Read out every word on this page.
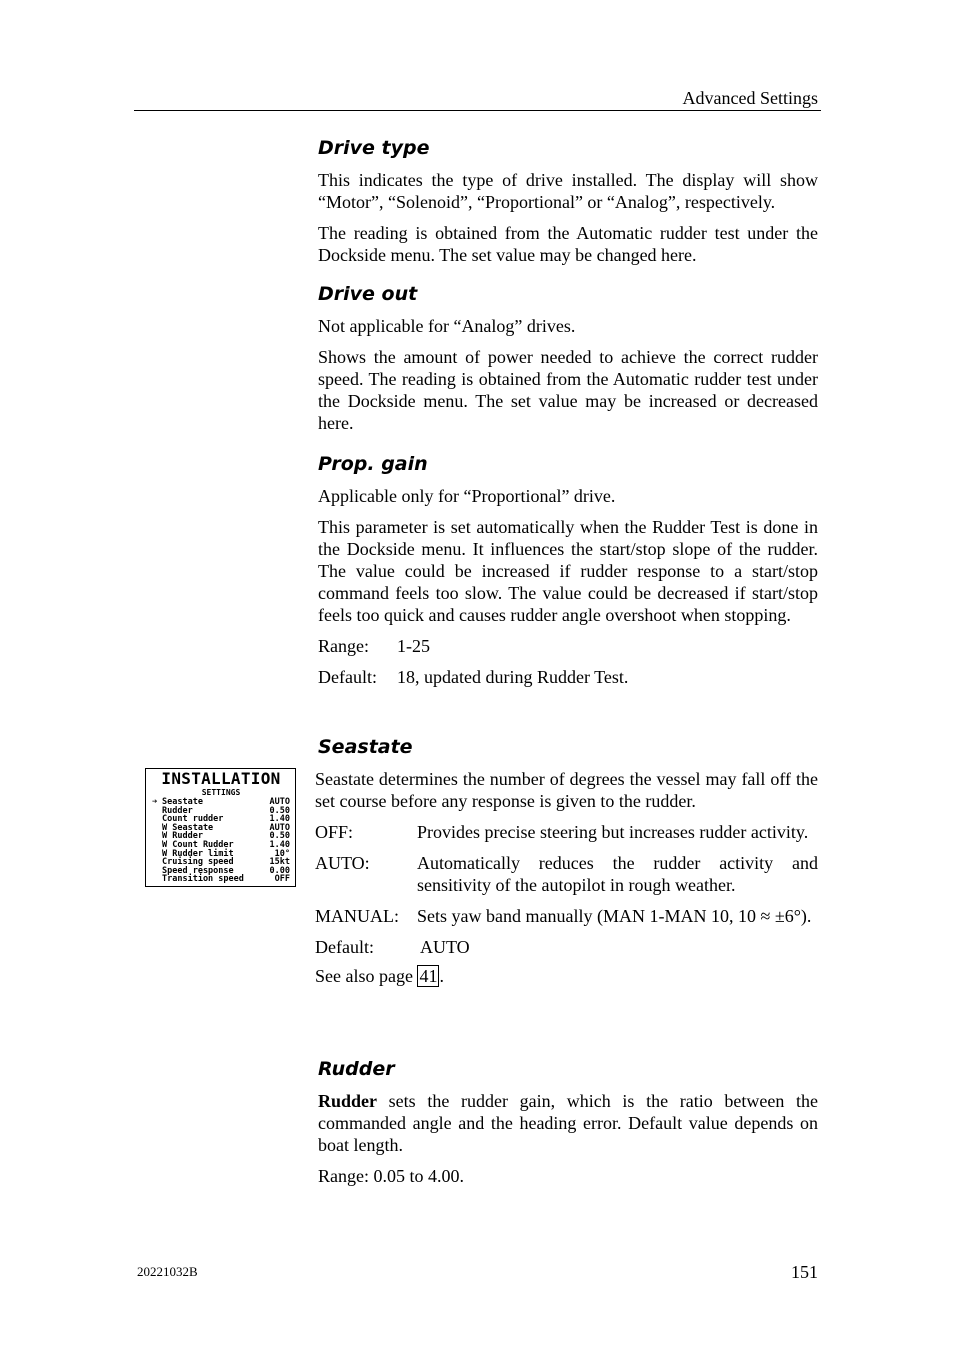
Advanced Settings
Drive type

This indicates the type of drive installed. The display will show “Motor”, “Solenoid”, “Proportional” or “Analog”, respectively.

The reading is obtained from the Automatic rudder test under the Dockside menu. The set value may be changed here.

Drive out

Not applicable for “Analog” drives.

Shows the amount of power needed to achieve the correct rudder speed. The reading is obtained from the Automatic rudder test under the Dockside menu. The set value may be increased or decreased here.

Prop. gain

Applicable only for “Proportional” drive.

This parameter is set automatically when the Rudder Test is done in the Dockside menu. It influences the start/stop slope of the rudder. The value could be increased if rudder response to a start/stop command feels too slow. The value could be decreased if start/stop feels too quick and causes rudder angle overshoot when stopping.

Range:	1-25
Default:	18, updated during Rudder Test.
Seastate
INSTALLATION
SETTINGS
➔ Seastate	AUTO
Rudder	0.50
Count rudder	1.40
W Seastate	AUTO
W Rudder	0.50
W Count Rudder	1.40
W Rudder limit	10°
Cruising speed	15kt
Speed response	0.00
Transition speed	OFF

Seastate determines the number of degrees the vessel may fall off the set course before any response is given to the rudder.

OFF:	Provides precise steering but increases rudder activity.
AUTO:	Automatically reduces the rudder activity and sensitivity of the autopilot in rough weather.
MANUAL:	Sets yaw band manually (MAN 1-MAN 10, 10 ≈ ±6°).
Default:	AUTO

See also page 41 .

Rudder

Rudder sets the rudder gain, which is the ratio between the commanded angle and the heading error. Default value depends on boat length.

Range: 0.05 to 4.00.

20221032B	151
